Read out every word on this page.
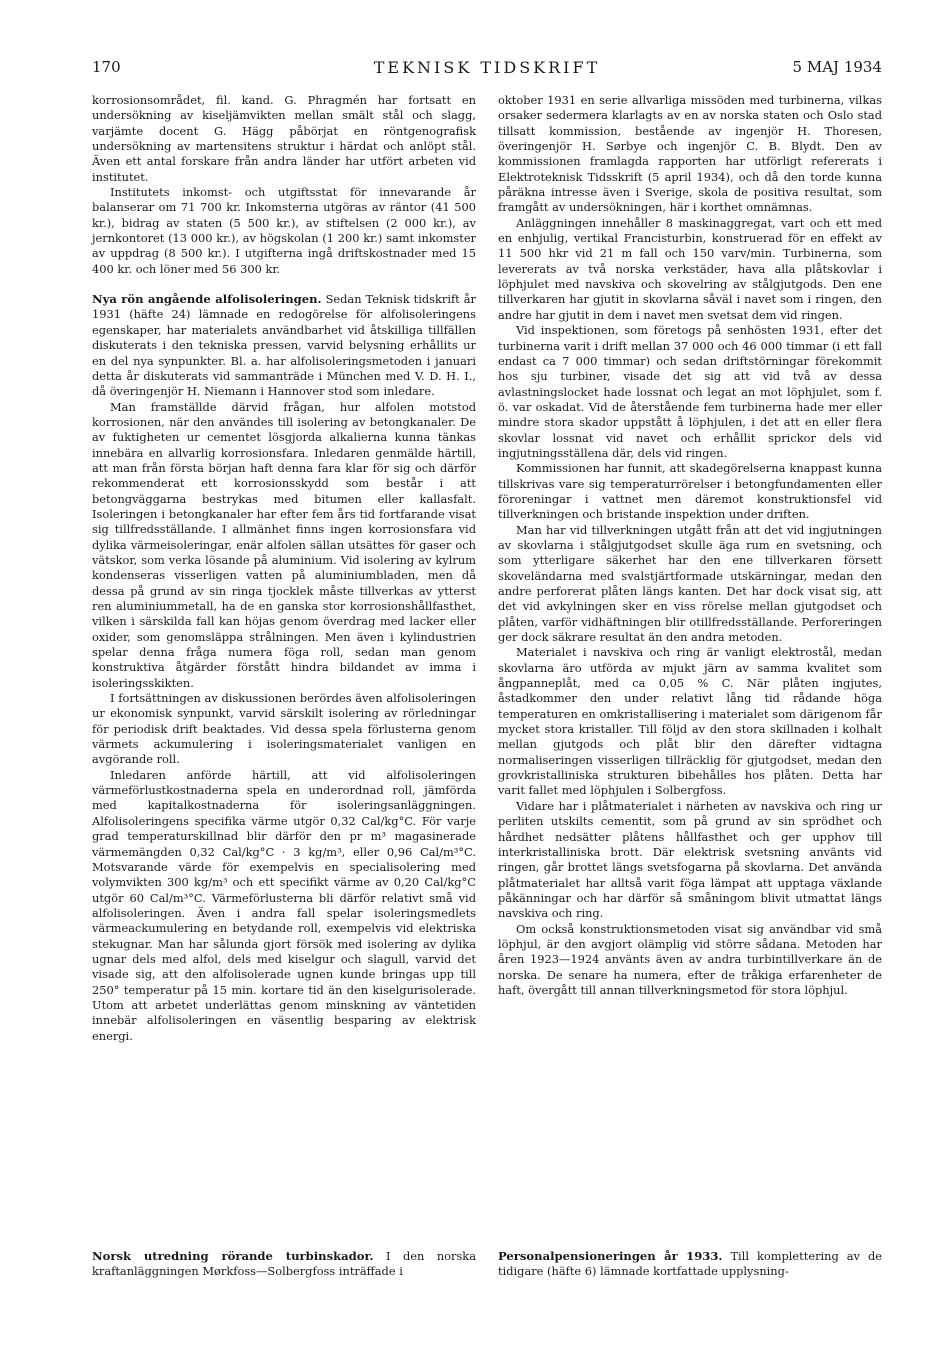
170	TEKNISK TIDSKRIFT	5 MAJ 1934

korrosionsområdet, fil. kand. G. Phragmén har fortsatt en undersökning av kiseljämvikten mellan smält stål och slagg, varjämte docent G. Hägg påbörjat en röntgenografisk undersökning av martensitens struktur i härdat och anlöpt stål. Även ett antal forskare från andra länder har utfört arbeten vid institutet.

Institutets inkomst- och utgiftsstat för innevarande år balanserar om 71 700 kr. Inkomsterna utgöras av räntor (41 500 kr.), bidrag av staten (5 500 kr.), av stiftelsen (2 000 kr.), av jernkontoret (13 000 kr.), av högskolan (1 200 kr.) samt inkomster av uppdrag (8 500 kr.). I utgifterna ingå driftskostnader med 15 400 kr. och löner med 56 300 kr.

Nya rön angående alfolisoleringen. Sedan Teknisk tidskrift år 1931 (häfte 24) lämnade en redogörelse för alfolisoleringens egenskaper, har materialets användbarhet vid åtskilliga tillfällen diskuterats i den tekniska pressen, varvid belysning erhållits ur en del nya synpunkter. Bl. a. har alfolisoleringsmetoden i januari detta år diskuterats vid sammanträde i München med V. D. H. I., då överingenjör H. Niemann i Hannover stod som inledare.

Man framställde därvid frågan, hur alfolen motstod korrosionen, när den användes till isolering av betongkanaler. De av fuktigheten ur cementet lösgjorda alkalierna kunna tänkas innebära en allvarlig korrosionsfara. Inledaren genmälde härtill, att man från första början haft denna fara klar för sig och därför rekommenderat ett korrosionsskydd som består i att betongväggarna bestrykas med bitumen eller kallasfalt. Isoleringen i betongkanaler har efter fem års tid fortfarande visat sig tillfredsställande. I allmänhet finns ingen korrosionsfara vid dylika värmeisoleringar, enär alfolen sällan utsättes för gaser och vätskor, som verka lösande på aluminium. Vid isolering av kylrum kondenseras visserligen vatten på aluminiumbladen, men då dessa på grund av sin ringa tjocklek måste tillverkas av ytterst ren aluminiummetall, ha de en ganska stor korrosionshållfasthet, vilken i särskilda fall kan höjas genom överdrag med lacker eller oxider, som genomsläppa strålningen. Men även i kylindustrien spelar denna fråga numera föga roll, sedan man genom konstruktiva åtgärder förstått hindra bildandet av imma i isoleringsskikten.

I fortsättningen av diskussionen berördes även alfolisoleringen ur ekonomisk synpunkt, varvid särskilt isolering av rörledningar för periodisk drift beaktades. Vid dessa spela förlusterna genom värmets ackumulering i isoleringsmaterialet vanligen en avgörande roll.

Inledaren anförde härtill, att vid alfolisoleringen värmeförlustkostnaderna spela en underordnad roll, jämförda med kapitalkostnaderna för isoleringsanläggningen. Alfolisoleringens specifika värme utgör 0,32 Cal/kg°C. För varje grad temperaturskillnad blir därför den pr m³ magasinerade värmemängden 0,32 Cal/kg°C · 3 kg/m³, eller 0,96 Cal/m³°C. Motsvarande värde för exempelvis en specialisolering med volymvikten 300 kg/m³ och ett specifikt värme av 0,20 Cal/kg°C utgör 60 Cal/m³°C. Värmeförlusterna bli därför relativt små vid alfolisoleringen. Även i andra fall spelar isoleringsmedlets värmeackumulering en betydande roll, exempelvis vid elektriska stekugnar. Man har sålunda gjort försök med isolering av dylika ugnar dels med alfol, dels med kiselgur och slagull, varvid det visade sig, att den alfolisolerade ugnen kunde bringas upp till 250° temperatur på 15 min. kortare tid än den kiselgurisolerade. Utom att arbetet underlättas genom minskning av väntetiden innebär alfolisoleringen en väsentlig besparing av elektrisk energi.

oktober 1931 en serie allvarliga missöden med turbinerna, vilkas orsaker sedermera klarlagts av en av norska staten och Oslo stad tillsatt kommission, bestående av ingenjör H. Thoresen, överingenjör H. Sørbye och ingenjör C. B. Blydt. Den av kommissionen framlagda rapporten har utförligt refererats i Elektroteknisk Tidsskrift (5 april 1934), och då den torde kunna påräkna intresse även i Sverige, skola de positiva resultat, som framgått av undersökningen, här i korthet omnämnas.

Anläggningen innehåller 8 maskinaggregat, vart och ett med en enhjulig, vertikal Francisturbin, konstruerad för en effekt av 11 500 hkr vid 21 m fall och 150 varv/min. Turbinerna, som levererats av två norska verkstäder, hava alla plåtskovlar i löphjulet med navskiva och skovelring av stålgjutgods. Den ene tillverkaren har gjutit in skovlarna såväl i navet som i ringen, den andre har gjutit in dem i navet men svetsat dem vid ringen.

Vid inspektionen, som företogs på senhösten 1931, efter det turbinerna varit i drift mellan 37 000 och 46 000 timmar (i ett fall endast ca 7 000 timmar) och sedan driftstörningar förekommit hos sju turbiner, visade det sig att vid två av dessa avlastningslocket hade lossnat och legat an mot löphjulet, som f. ö. var oskadat. Vid de återstående fem turbinerna hade mer eller mindre stora skador uppstått å löphjulen, i det att en eller flera skovlar lossnat vid navet och erhållit sprickor dels vid ingjutningsställena där, dels vid ringen.

Kommissionen har funnit, att skadegörelserna knappast kunna tillskrivas vare sig temperaturrörelser i betongfundamenten eller föroreningar i vattnet men däremot konstruktionsfel vid tillverkningen och bristande inspektion under driften.

Man har vid tillverkningen utgått från att det vid ingjutningen av skovlarna i stålgjutgodset skulle äga rum en svetsning, och som ytterligare säkerhet har den ene tillverkaren försett skoveländarna med svalstjärtformade utskärningar, medan den andre perforerat plåten längs kanten. Det har dock visat sig, att det vid avkylningen sker en viss rörelse mellan gjutgodset och plåten, varför vidhäftningen blir otillfredsställande. Perforeringen ger dock säkrare resultat än den andra metoden.

Materialet i navskiva och ring är vanligt elektrostål, medan skovlarna äro utförda av mjukt järn av samma kvalitet som ångpanneplåt, med ca 0,05 % C. När plåten ingjutes, åstadkommer den under relativt lång tid rådande höga temperaturen en omkristallisering i materialet som därigenom får mycket stora kristaller. Till följd av den stora skillnaden i kolhalt mellan gjutgods och plåt blir den därefter vidtagna normaliseringen visserligen tillräcklig för gjutgodset, medan den grovkristalliniska strukturen bibehålles hos plåten. Detta har varit fallet med löphjulen i Solbergfoss.

Vidare har i plåtmaterialet i närheten av navskiva och ring ur perliten utskilts cementit, som på grund av sin sprödhet och hårdhet nedsätter plåtens hållfasthet och ger upphov till interkristalliniska brott. Där elektrisk svetsning använts vid ringen, går brottet längs svetsfogarna på skovlarna. Det använda plåtmaterialet har alltså varit föga lämpat att upptaga växlande påkänningar och har därför så småningom blivit utmattat längs navskiva och ring.

Om också konstruktionsmetoden visat sig användbar vid små löphjul, är den avgjort olämplig vid större sådana. Metoden har åren 1923—1924 använts även av andra turbintillverkare än de norska. De senare ha numera, efter de tråkiga erfarenheter de haft, övergått till annan tillverkningsmetod för stora löphjul.

Norsk utredning rörande turbinskador. I den norska kraftanläggningen Mørkfoss—Solbergfoss inträffade i
Personalpensioneringen år 1933. Till komplettering av de tidigare (häfte 6) lämnade kortfattade upplysning-
